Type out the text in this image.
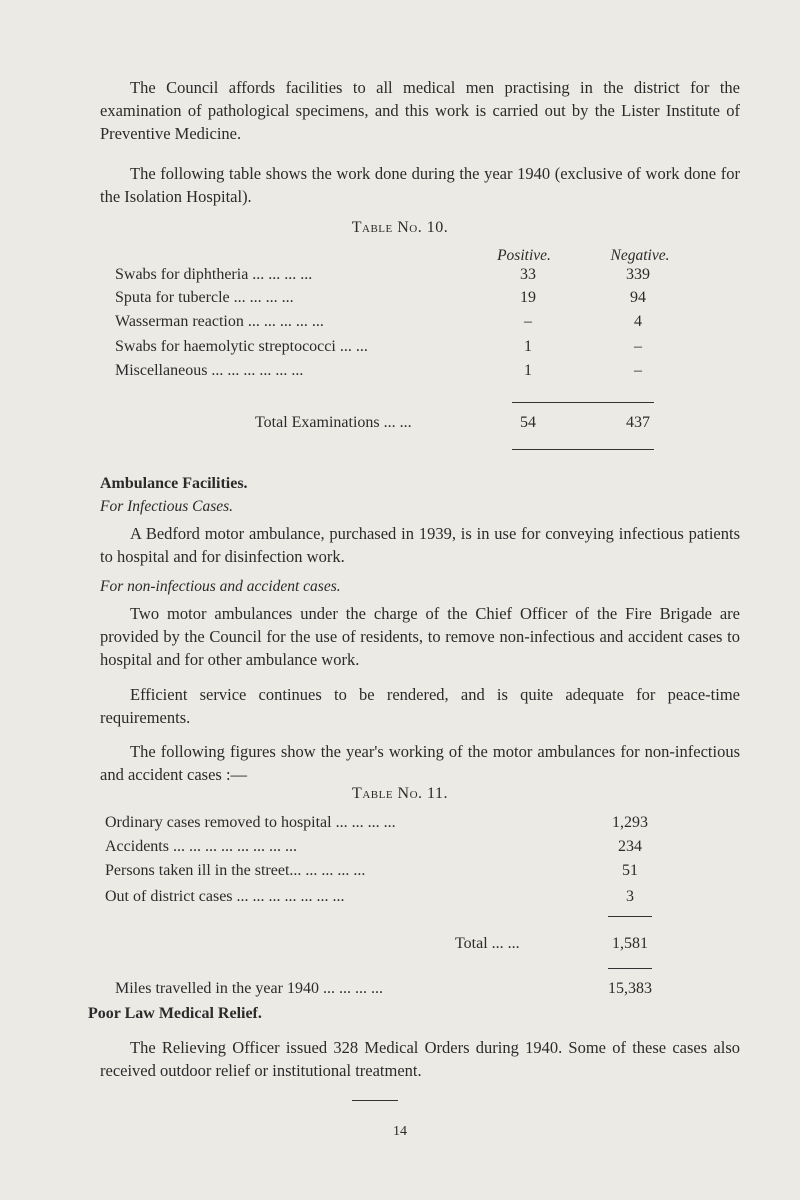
The Council affords facilities to all medical men practising in the district for the examination of pathological specimens, and this work is carried out by the Lister Institute of Preventive Medicine.

The following table shows the work done during the year 1940 (exclusive of work done for the Isolation Hospital).

Table No. 10.

Positive.	Negative.
Swabs for diphtheria ... ... ... ...	33	339
Sputa for tubercle ... ... ... ...	19	94
Wasserman reaction ... ... ... ... ...	–	4
Swabs for haemolytic streptococci ... ...	1	–
Miscellaneous ... ... ... ... ... ...	1	–
Total Examinations ... ...	54	437

Ambulance Facilities.

For Infectious Cases.

A Bedford motor ambulance, purchased in 1939, is in use for conveying infectious patients to hospital and for disinfection work.

For non-infectious and accident cases.

Two motor ambulances under the charge of the Chief Officer of the Fire Brigade are provided by the Council for the use of residents, to remove non-infectious and accident cases to hospital and for other ambulance work.

Efficient service continues to be rendered, and is quite adequate for peace-time requirements.

The following figures show the year's working of the motor ambulances for non-infectious and accident cases :—

Table No. 11.

Ordinary cases removed to hospital ... ... ... ...	1,293
Accidents ... ... ... ... ... ... ... ...	234
Persons taken ill in the street... ... ... ... ...	51
Out of district cases ... ... ... ... ... ... ...	3
Total ... ...	1,581
Miles travelled in the year 1940 ... ... ... ...	15,383

Poor Law Medical Relief.

The Relieving Officer issued 328 Medical Orders during 1940. Some of these cases also received outdoor relief or institutional treatment.

14
